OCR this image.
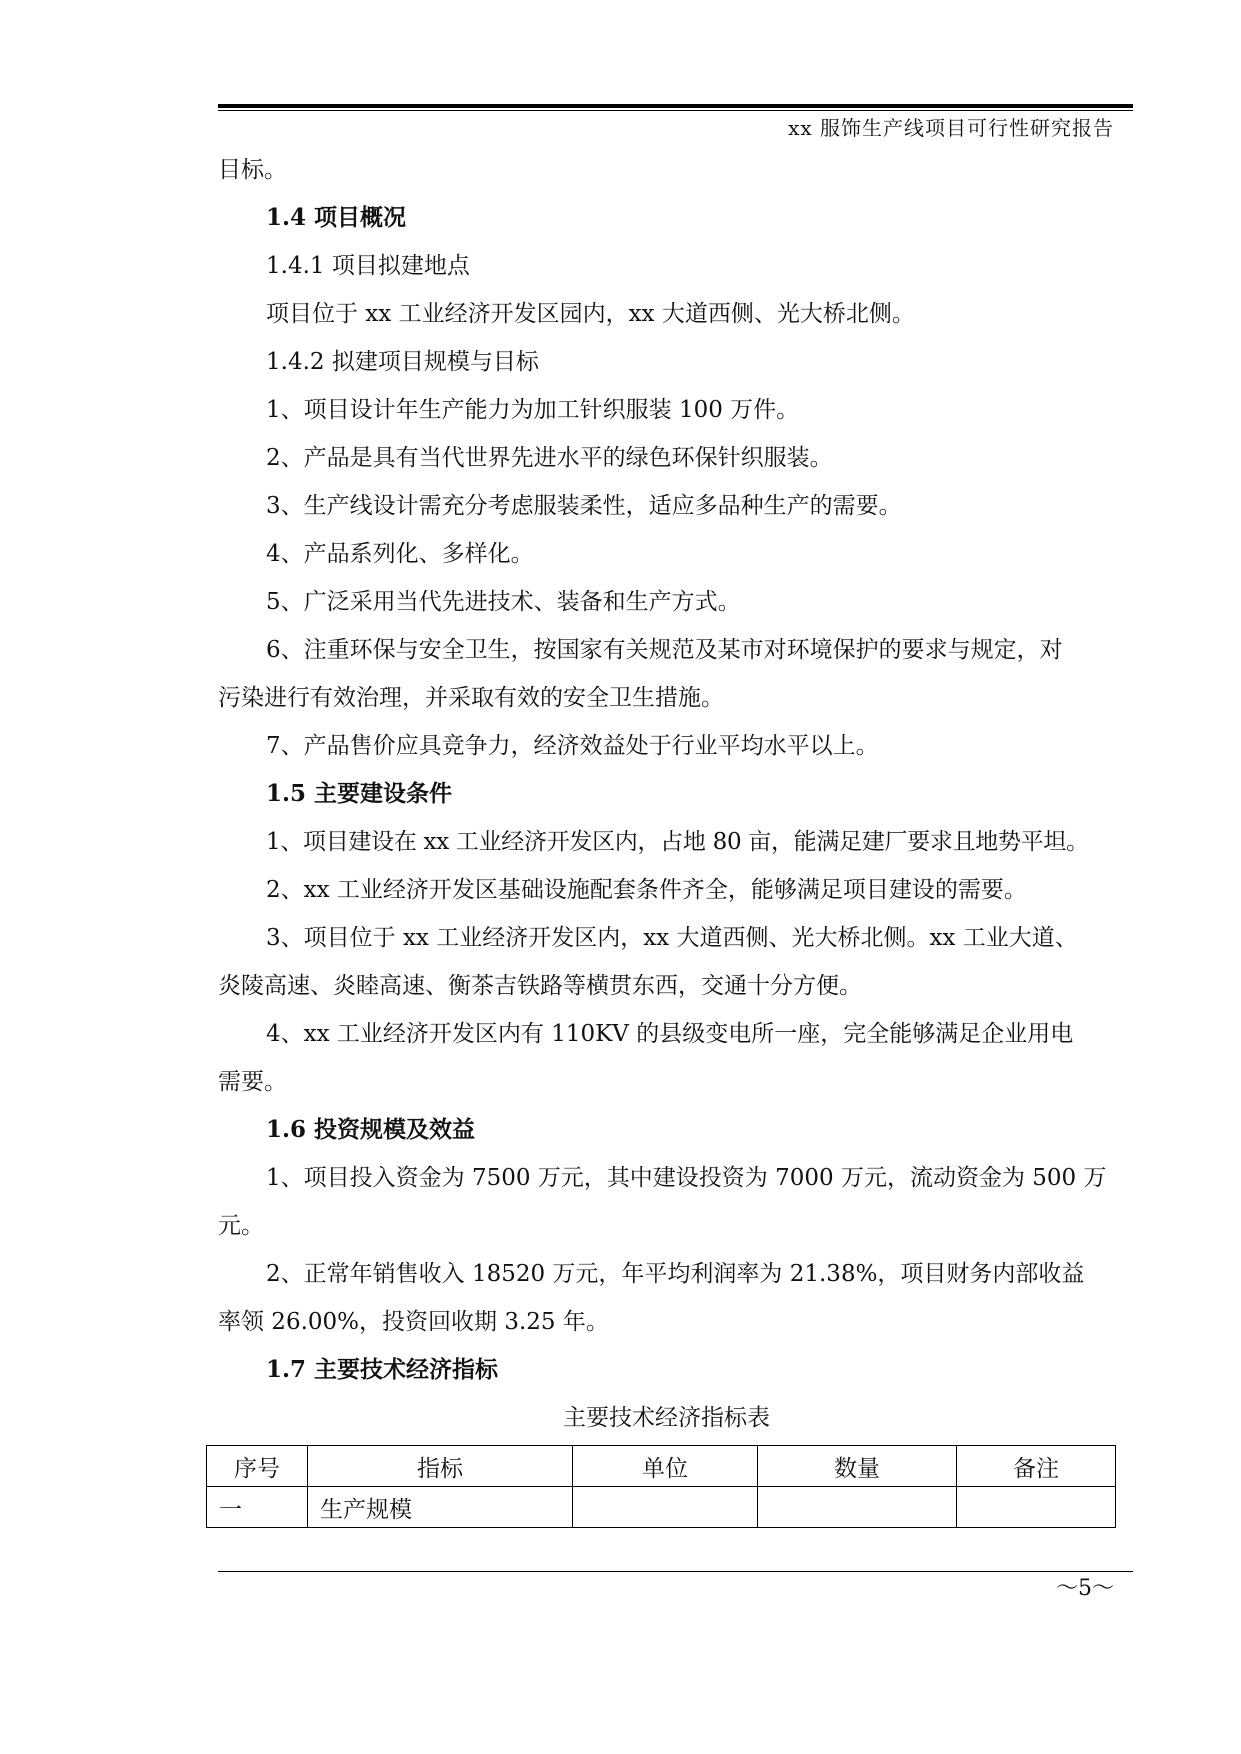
xx 服饰生产线项目可行性研究报告

目标。

1.4 项目概况

1.4.1 项目拟建地点

项目位于 xx 工业经济开发区园内，xx 大道西侧、光大桥北侧。

1.4.2 拟建项目规模与目标

1、项目设计年生产能力为加工针织服装 100 万件。

2、产品是具有当代世界先进水平的绿色环保针织服装。

3、生产线设计需充分考虑服装柔性，适应多品种生产的需要。

4、产品系列化、多样化。

5、广泛采用当代先进技术、装备和生产方式。

6、注重环保与安全卫生，按国家有关规范及某市对环境保护的要求与规定，对

污染进行有效治理，并采取有效的安全卫生措施。

7、产品售价应具竞争力，经济效益处于行业平均水平以上。

1.5 主要建设条件

1、项目建设在 xx 工业经济开发区内，占地 80 亩，能满足建厂要求且地势平坦。

2、xx 工业经济开发区基础设施配套条件齐全，能够满足项目建设的需要。

3、项目位于 xx 工业经济开发区内，xx 大道西侧、光大桥北侧。xx 工业大道、

炎陵高速、炎睦高速、衡茶吉铁路等横贯东西，交通十分方便。

4、xx 工业经济开发区内有 110KV 的县级变电所一座，完全能够满足企业用电

需要。

1.6 投资规模及效益

1、项目投入资金为 7500 万元，其中建设投资为 7000 万元，流动资金为 500 万

元。

2、正常年销售收入 18520 万元，年平均利润率为 21.38%，项目财务内部收益

率领 26.00%，投资回收期 3.25 年。

1.7 主要技术经济指标

主要技术经济指标表
序号	指标	单位	数量	备注
一	生产规模			
～5～
